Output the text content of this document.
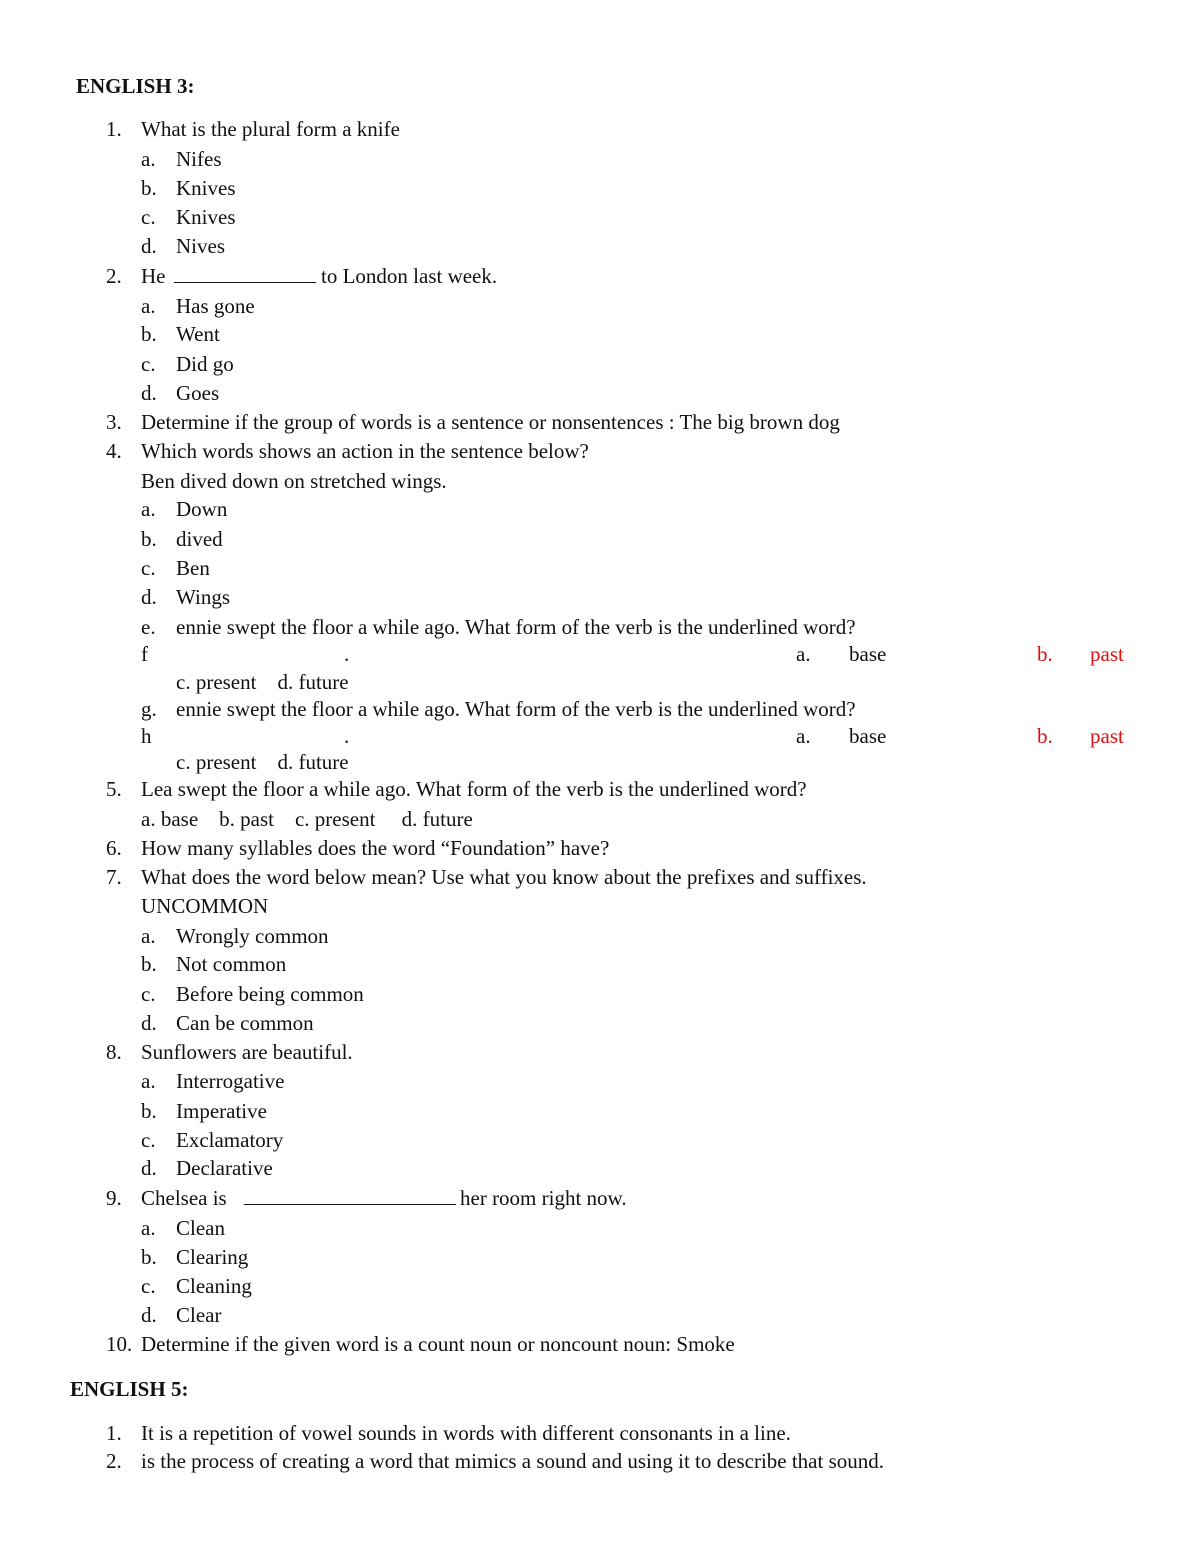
ENGLISH 3:
1. What is the plural form a knife
a. Nifes
b. Knives
c. Knives
d. Nives
2. He	to London last week.
a. Has gone
b. Went
c. Did go
d. Goes
3. Determine if the group of words is a sentence or nonsentences : The big brown dog
4. Which words shows an action in the sentence below?
Ben dived down on stretched wings.
a. Down
b. dived
c. Ben
d. Wings
e. ennie swept the floor a while ago. What form of the verb is the underlined word?
f	.	a. base	b. past
c. present    d. future
g. ennie swept the floor a while ago. What form of the verb is the underlined word?
h	.	a. base	b. past
c. present    d. future
5. Lea swept the floor a while ago. What form of the verb is the underlined word?
a. base    b. past    c. present     d. future
6. How many syllables does the word “Foundation” have?
7. What does the word below mean? Use what you know about the prefixes and suffixes.
UNCOMMON
a. Wrongly common
b. Not common
c. Before being common
d. Can be common
8. Sunflowers are beautiful.
a. Interrogative
b. Imperative
c. Exclamatory
d. Declarative
9. Chelsea is	her room right now.
a. Clean
b. Clearing
c. Cleaning
d. Clear
10. Determine if the given word is a count noun or noncount noun: Smoke
ENGLISH 5:
1. It is a repetition of vowel sounds in words with different consonants in a line.
2. is the process of creating a word that mimics a sound and using it to describe that sound.
